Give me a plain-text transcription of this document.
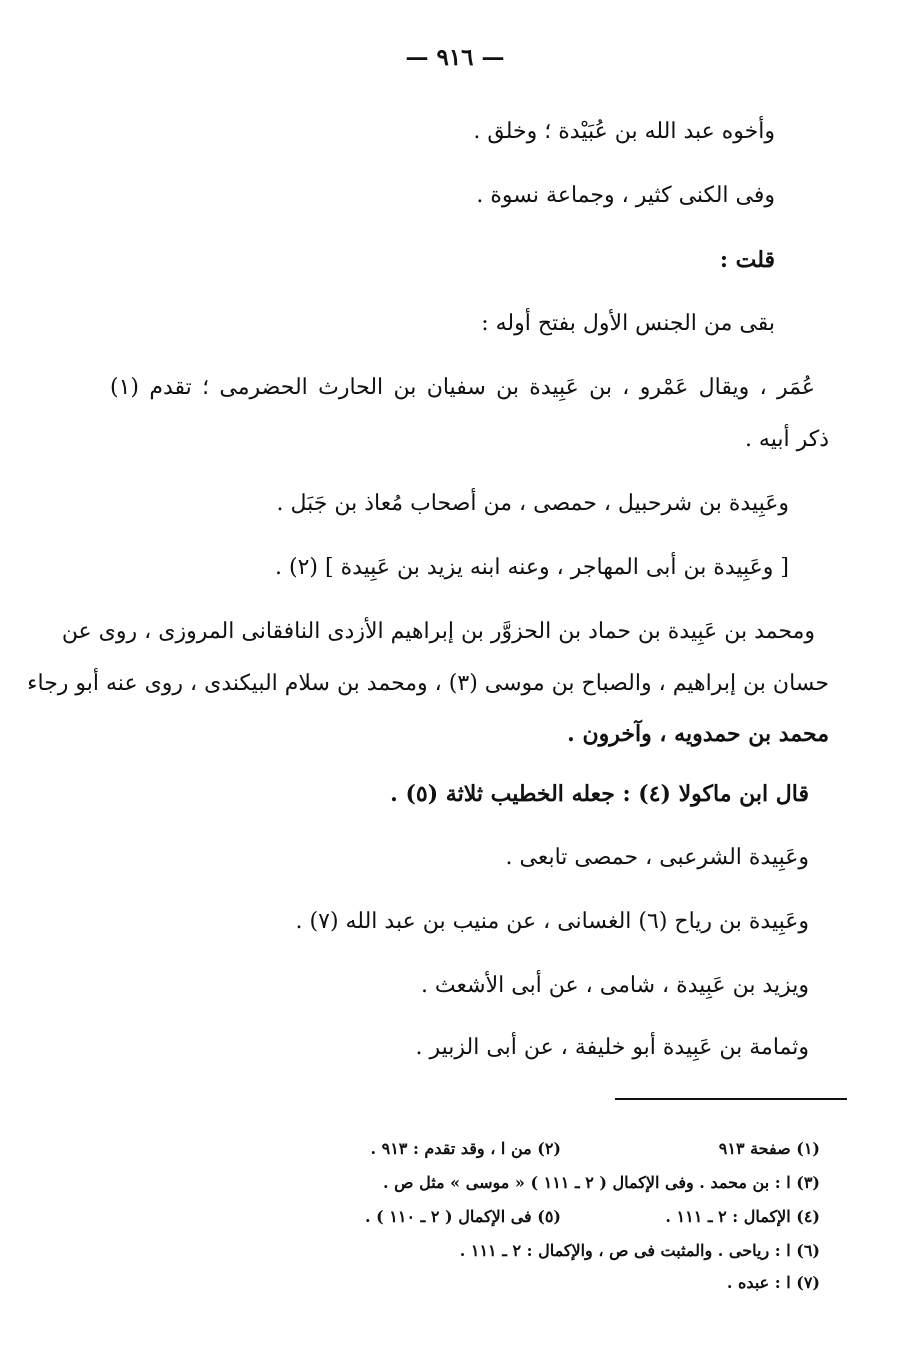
— ٩١٦ —
وأخوه عبد الله بن عُبَيْدة ؛ وخلق .
وفى الكنى كثير ، وجماعة نسوة .
قلت :
بقى من الجنس الأول بفتح أوله :
عُمَر ، ويقال عَمْرو ، بن عَبِيدة بن سفيان بن الحارث الحضرمى ؛ تقدم (١)
ذكر أبيه .
وعَبِيدة بن شرحبيل ، حمصى ، من أصحاب مُعاذ بن جَبَل .
[ وعَبِيدة بن أبى المهاجر ، وعنه ابنه يزيد بن عَبِيدة ] (٢) .
ومحمد بن عَبِيدة بن حماد بن الحزوَّر بن إبراهيم الأزدى النافقانى المروزى ، روى عن
حسان بن إبراهيم ، والصباح بن موسى (٣) ، ومحمد بن سلام البيكندى ، روى عنه أبو رجاء
محمد بن حمدويه ، وآخرون .
قال ابن ماكولا (٤) : جعله الخطيب ثلاثة (٥) .
وعَبِيدة الشرعبى ، حمصى تابعى .
وعَبِيدة بن رياح (٦) الغسانى ، عن منيب بن عبد الله (٧) .
ويزيد بن عَبِيدة ، شامى ، عن أبى الأشعث .
وثمامة بن عَبِيدة أبو خليفة ، عن أبى الزبير .
(١) صفحة ٩١٣
(٢) من ا ، وقد تقدم : ٩١٣ .
(٣) ا : بن محمد . وفى الإكمال ( ٢ ـ ١١١ ) « موسى » مثل ص .
(٤) الإكمال : ٢ ـ ١١١ .
(٥) فى الإكمال ( ٢ ـ ١١٠ ) .
(٦) ا : رياحى . والمثبت فى ص ، والإكمال : ٢ ـ ١١١ .
(٧) ا : عبده .
